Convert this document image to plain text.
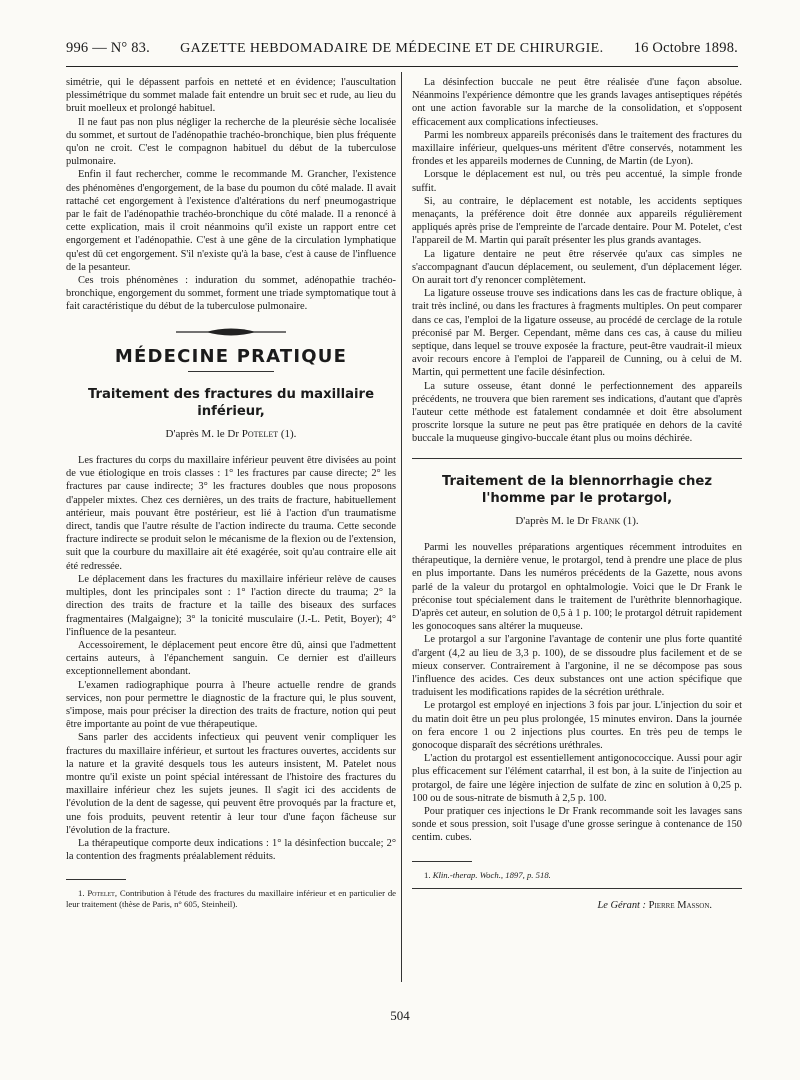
996 — N° 83. GAZETTE HEBDOMADAIRE DE MÉDECINE ET DE CHIRURGIE. 16 Octobre 1898.

simétrie, qui le dépassent parfois en netteté et en évidence; l'auscultation plessimétrique du sommet malade fait entendre un bruit sec et rude, au lieu du bruit moelleux et prolongé habituel.

Il ne faut pas non plus négliger la recherche de la pleurésie sèche localisée du sommet, et surtout de l'adénopathie trachéo-bronchique, bien plus fréquente qu'on ne croit. C'est le compagnon habituel du début de la tuberculose pulmonaire.

Enfin il faut rechercher, comme le recommande M. Grancher, l'existence des phénomènes d'engorgement, de la base du poumon du côté malade. Il avait rattaché cet engorgement à l'existence d'altérations du nerf pneumogastrique par le fait de l'adénopathie trachéo-bronchique du côté malade. Il a renoncé à cette explication, mais il croit néanmoins qu'il existe un rapport entre cet engorgement et l'adénopathie. C'est à une gêne de la circulation lymphatique qu'est dû cet engorgement. S'il n'existe qu'à la base, c'est à cause de l'influence de la pesanteur.

Ces trois phénomènes : induration du sommet, adénopathie trachéo-bronchique, engorgement du sommet, forment une triade symptomatique tout à fait caractéristique du début de la tuberculose pulmonaire.

MÉDECINE PRATIQUE
Traitement des fractures du maxillaire inférieur,
D'après M. le Dr Potelet (1).

Les fractures du corps du maxillaire inférieur peuvent être divisées au point de vue étiologique en trois classes : 1° les fractures par cause directe; 2° les fractures par cause indirecte; 3° les fractures doubles que nous proposons d'appeler mixtes. Chez ces dernières, un des traits de fracture, habituellement antérieur, mais pouvant être postérieur, est lié à l'action d'un traumatisme direct, tandis que l'autre résulte de l'action indirecte du trauma. Cette seconde fracture indirecte se produit selon le mécanisme de la flexion ou de l'extension, suit que la courbure du maxillaire ait été exagérée, soit qu'au contraire elle ait été redressée.

Le déplacement dans les fractures du maxillaire inférieur relève de causes multiples, dont les principales sont : 1° l'action directe du trauma; 2° la direction des traits de fracture et la taille des biseaux des surfaces fragmentaires (Malgaigne); 3° la tonicité musculaire (J.-L. Petit, Boyer); 4° l'influence de la pesanteur.

Accessoirement, le déplacement peut encore être dû, ainsi que l'admettent certains auteurs, à l'épanchement sanguin. Ce dernier est d'ailleurs exceptionnellement abondant.

L'examen radiographique pourra à l'heure actuelle rendre de grands services, non pour permettre le diagnostic de la fracture qui, le plus souvent, s'impose, mais pour préciser la direction des traits de fracture, notion qui peut être importante au point de vue thérapeutique.

Sans parler des accidents infectieux qui peuvent venir compliquer les fractures du maxillaire inférieur, et surtout les fractures ouvertes, accidents sur la nature et la gravité desquels tous les auteurs insistent, M. Patelet nous montre qu'il existe un point spécial intéressant de l'histoire des fractures du maxillaire inférieur chez les sujets jeunes. Il s'agit ici des accidents de l'évolution de la dent de sagesse, qui peuvent être provoqués par la fracture et, une fois produits, peuvent retentir à leur tour d'une façon fâcheuse sur l'évolution de la fracture.

La thérapeutique comporte deux indications : 1° la désinfection buccale; 2° la contention des fragments préalablement réduits.

1. Potelet, Contribution à l'étude des fractures du maxillaire inférieur et en particulier de leur traitement (thèse de Paris, n° 605, Steinheil).

La désinfection buccale ne peut être réalisée d'une façon absolue. Néanmoins l'expérience démontre que les grands lavages antiseptiques répétés ont une action favorable sur la marche de la consolidation, et s'opposent efficacement aux complications infectieuses.

Parmi les nombreux appareils préconisés dans le traitement des fractures du maxillaire inférieur, quelques-uns méritent d'être conservés, notamment les frondes et les appareils modernes de Cunning, de Martin (de Lyon).

Lorsque le déplacement est nul, ou très peu accentué, la simple fronde suffit.

Si, au contraire, le déplacement est notable, les accidents septiques menaçants, la préférence doit être donnée aux appareils régulièrement appliqués après prise de l'empreinte de l'arcade dentaire. Pour M. Potelet, c'est l'appareil de M. Martin qui paraît présenter les plus grands avantages.

La ligature dentaire ne peut être réservée qu'aux cas simples ne s'accompagnant d'aucun déplacement, ou seulement, d'un déplacement léger. On aurait tort d'y renoncer complètement.

La ligature osseuse trouve ses indications dans les cas de fracture oblique, à trait très incliné, ou dans les fractures à fragments multiples. On peut comparer dans ce cas, l'emploi de la ligature osseuse, au procédé de cerclage de la rotule préconisé par M. Berger. Cependant, même dans ces cas, à cause du milieu septique, dans lequel se trouve exposée la fracture, peut-être vaudrait-il mieux avoir recours encore à l'emploi de l'appareil de Cunning, ou à celui de M. Martin, qui permettent une facile désinfection.

La suture osseuse, étant donné le perfectionnement des appareils précédents, ne trouvera que bien rarement ses indications, d'autant que d'après l'auteur cette méthode est fatalement condamnée et doit être absolument proscrite lorsque la suture ne peut pas être pratiquée en dehors de la cavité buccale la muqueuse gingivo-buccale étant plus ou moins déchirée.

Traitement de la blennorrhagie chez l'homme par le protargol,
D'après M. le Dr Frank (1).

Parmi les nouvelles préparations argentiques récemment introduites en thérapeutique, la dernière venue, le protargol, tend à prendre une place de plus en plus importante. Dans les numéros précédents de la Gazette, nous avons parlé de la valeur du protargol en ophtalmologie. Voici que le Dr Frank le préconise tout spécialement dans le traitement de l'urèthrite blennorhagique. D'après cet auteur, en solution de 0,5 à 1 p. 100; le protargol détruit rapidement les gonocoques sans altérer la muqueuse.

Le protargol a sur l'argonine l'avantage de contenir une plus forte quantité d'argent (4,2 au lieu de 3,3 p. 100), de se dissoudre plus facilement et de se mieux conserver. Contrairement à l'argonine, il ne se décompose pas sous l'influence des acides. Ces deux substances ont une action spécifique que traduisent les modifications rapides de la sécrétion uréthrale.

Le protargol est employé en injections 3 fois par jour. L'injection du soir et du matin doit être un peu plus prolongée, 15 minutes environ. Dans la journée on fera encore 1 ou 2 injections plus courtes. En très peu de temps le gonocoque disparaît des sécrétions uréthrales.

L'action du protargol est essentiellement antigonococcique. Aussi pour agir plus efficacement sur l'élément catarrhal, il est bon, à la suite de l'injection au protargol, de faire une légère injection de sulfate de zinc en solution à 0,25 p. 100 ou de sous-nitrate de bismuth à 2,5 p. 100.

Pour pratiquer ces injections le Dr Frank recommande soit les lavages sans sonde et sous pression, soit l'usage d'une grosse seringue à contenance de 150 centim. cubes.

1. Klin.-therap. Woch., 1897, p. 518.

Le Gérant : Pierre Masson.
504
